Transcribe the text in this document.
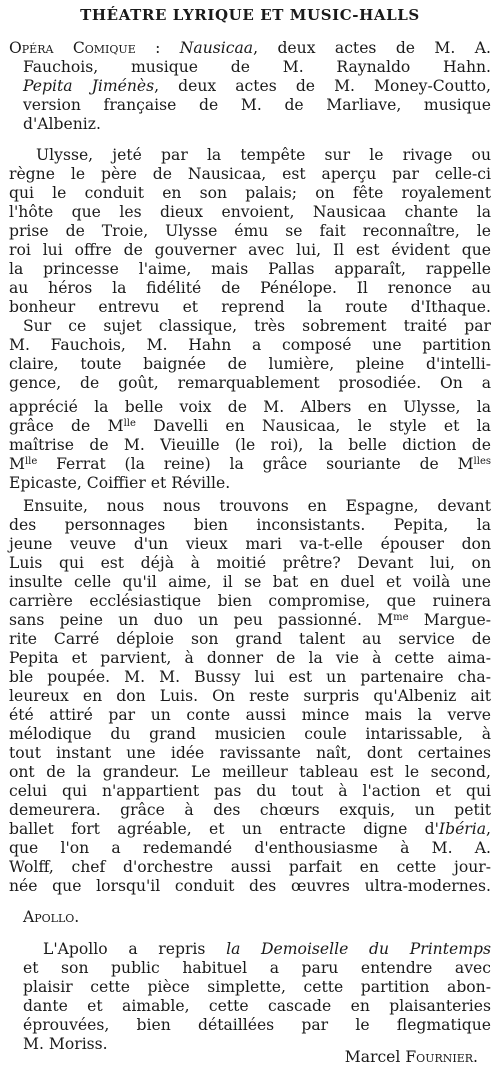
THÉATRE LYRIQUE ET MUSIC-HALLS
Opéra Comique : Nausicaa, deux actes de M. A.
Fauchois, musique de M. Raynaldo Hahn.
Pepita Jiménès, deux actes de M. Money-Coutto,
version française de M. de Marliave, musique
d'Albeniz.
Ulysse, jeté par la tempête sur le rivage ou
règne le père de Nausicaa, est aperçu par celle-ci
qui le conduit en son palais; on fête royalement
l'hôte que les dieux envoient, Nausicaa chante la
prise de Troie, Ulysse ému se fait reconnaître, le
roi lui offre de gouverner avec lui, Il est évident que
la princesse l'aime, mais Pallas apparaît, rappelle
au héros la fidélité de Pénélope. Il renonce au
bonheur entrevu et reprend la route d'Ithaque.
Sur ce sujet classique, très sobrement traité par
M. Fauchois, M. Hahn a composé une partition
claire, toute baignée de lumière, pleine d'intelli-
gence, de goût, remarquablement prosodiée. On a
apprécié la belle voix de M. Albers en Ulysse, la
grâce de $M^{lle}$ Davelli en Nausicaa, le style et la
maîtrise de M. Vieuille (le roi), la belle diction de
$M^{lle}$ Ferrat (la reine) la grâce souriante de $M^{lles}$
Epicaste, Coiffier et Réville.
Ensuite, nous nous trouvons en Espagne, devant
des personnages bien inconsistants. Pepita, la
jeune veuve d'un vieux mari va-t-elle épouser don
Luis qui est déjà à moitié prêtre? Devant lui, on
insulte celle qu'il aime, il se bat en duel et voilà une
carrière ecclésiastique bien compromise, que ruinera
sans peine un duo un peu passionné. $M^{me}$ Margue-
rite Carré déploie son grand talent au service de
Pepita et parvient, à donner de la vie à cette aima-
ble poupée. M. M. Bussy lui est un partenaire cha-
leureux en don Luis. On reste surpris qu'Albeniz ait
été attiré par un conte aussi mince mais la verve
mélodique du grand musicien coule intarissable, à
tout instant une idée ravissante naît, dont certaines
ont de la grandeur. Le meilleur tableau est le second,
celui qui n'appartient pas du tout à l'action et qui
demeurera. grâce à des chœurs exquis, un petit
ballet fort agréable, et un entracte digne d'Ibéria,
que l'on a redemandé d'enthousiasme à M. A.
Wolff, chef d'orchestre aussi parfait en cette jour-
née que lorsqu'il conduit des œuvres ultra-modernes.
Apollo.
L'Apollo a repris la Demoiselle du Printemps
et son public habituel a paru entendre avec
plaisir cette pièce simplette, cette partition abon-
dante et aimable, cette cascade en plaisanteries
éprouvées, bien détaillées par le flegmatique
M. Moriss.
Marcel Fournier.
